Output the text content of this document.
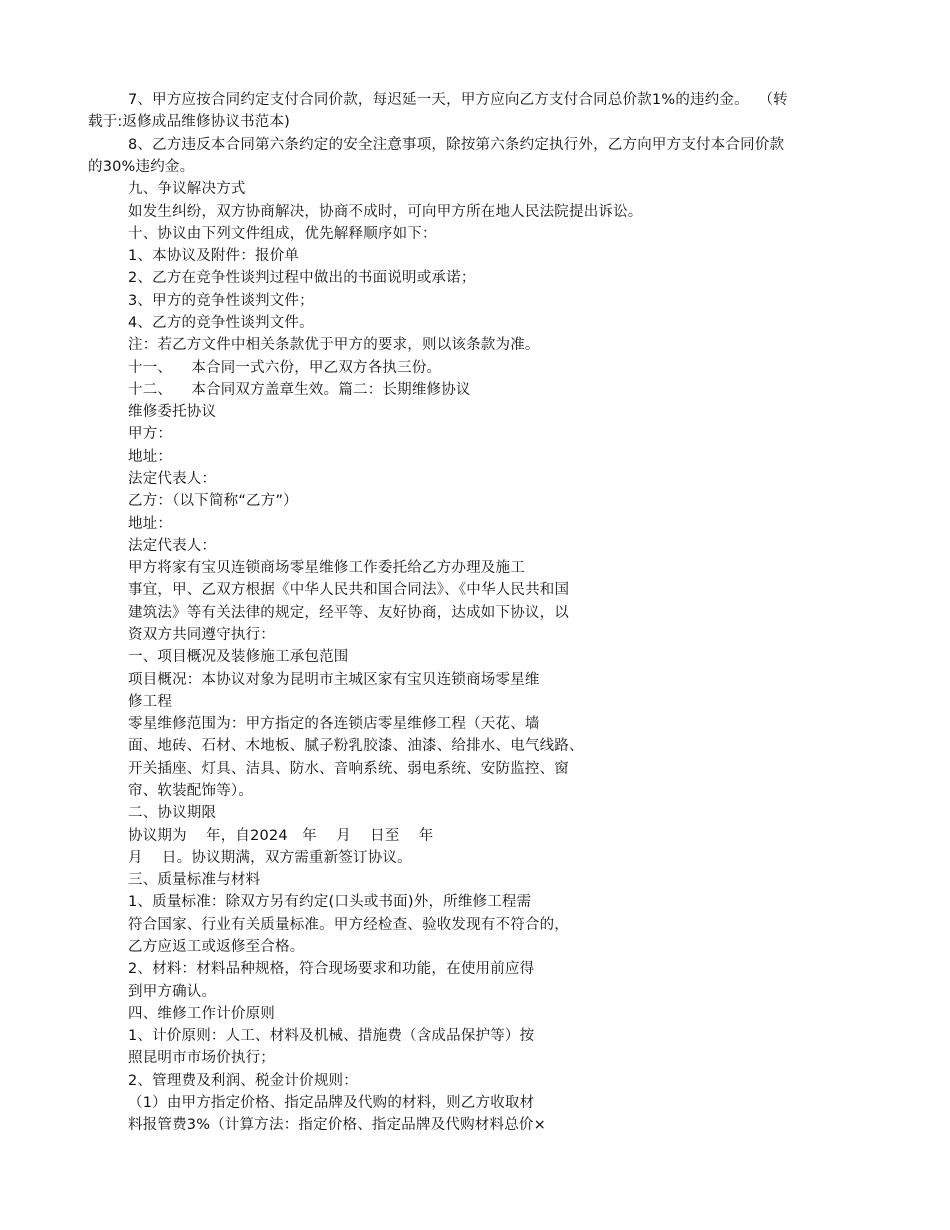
7、甲方应按合同约定支付合同价款，每迟延一天，甲方应向乙方支付合同总价款1%的违约金。  （转
载于:返修成品维修协议书范本)
8、乙方违反本合同第六条约定的安全注意事项，除按第六条约定执行外，乙方向甲方支付本合同价款
的30%违约金。
九、争议解决方式
如发生纠纷，双方协商解决，协商不成时，可向甲方所在地人民法院提出诉讼。
十、协议由下列文件组成，优先解释顺序如下：
1、本协议及附件：报价单
2、乙方在竞争性谈判过程中做出的书面说明或承诺；
3、甲方的竞争性谈判文件；
4、乙方的竞争性谈判文件。
注：若乙方文件中相关条款优于甲方的要求，则以该条款为准。
十一、    本合同一式六份，甲乙双方各执三份。
十二、    本合同双方盖章生效。篇二：长期维修协议
维修委托协议
甲方：
地址：
法定代表人：
乙方：（以下简称“乙方”）
地址：
法定代表人：
甲方将家有宝贝连锁商场零星维修工作委托给乙方办理及施工
事宜，甲、乙双方根据《中华人民共和国合同法》、《中华人民共和国
建筑法》等有关法律的规定，经平等、友好协商，达成如下协议，以
资双方共同遵守执行：
一、项目概况及装修施工承包范围
项目概况：本协议对象为昆明市主城区家有宝贝连锁商场零星维
修工程
零星维修范围为：甲方指定的各连锁店零星维修工程（天花、墙
面、地砖、石材、木地板、腻子粉乳胶漆、油漆、给排水、电气线路、
开关插座、灯具、洁具、防水、音响系统、弱电系统、安防监控、窗
帘、软装配饰等）。
二、协议期限
协议期为    年，自2024   年    月    日至    年
月    日。协议期满，双方需重新签订协议。
三、质量标准与材料
1、质量标准：除双方另有约定(口头或书面)外，所维修工程需
符合国家、行业有关质量标准。甲方经检查、验收发现有不符合的，
乙方应返工或返修至合格。
2、材料：材料品种规格，符合现场要求和功能，在使用前应得
到甲方确认。
四、维修工作计价原则
1、计价原则：人工、材料及机械、措施费（含成品保护等）按
照昆明市市场价执行；
2、管理费及利润、税金计价规则：
（1）由甲方指定价格、指定品牌及代购的材料，则乙方收取材
料报管费3%（计算方法：指定价格、指定品牌及代购材料总价×
